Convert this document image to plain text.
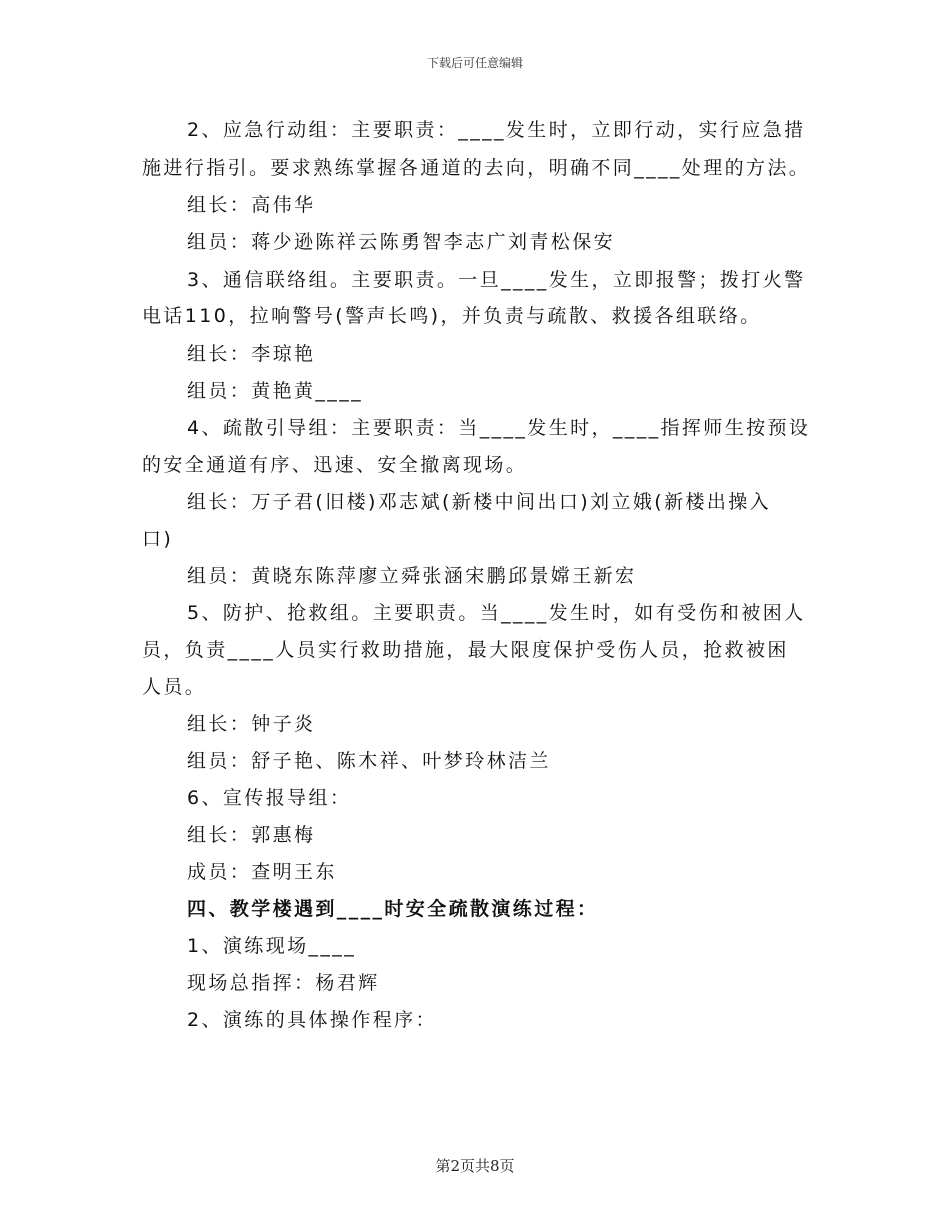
下载后可任意编辑
2、应急行动组：主要职责：____发生时，立即行动，实行应急措
施进行指引。要求熟练掌握各通道的去向，明确不同____处理的方法。
组长：高伟华
组员：蒋少逊陈祥云陈勇智李志广刘青松保安
3、通信联络组。主要职责。一旦____发生，立即报警；拨打火警
电话110，拉响警号(警声长鸣)，并负责与疏散、救援各组联络。
组长：李琼艳
组员：黄艳黄____
4、疏散引导组：主要职责：当____发生时，____指挥师生按预设
的安全通道有序、迅速、安全撤离现场。
组长：万子君(旧楼)邓志斌(新楼中间出口)刘立娥(新楼出操入
口)
组员：黄晓东陈萍廖立舜张涵宋鹏邱景嫦王新宏
5、防护、抢救组。主要职责。当____发生时，如有受伤和被困人
员，负责____人员实行救助措施，最大限度保护受伤人员，抢救被困
人员。
组长：钟子炎
组员：舒子艳、陈木祥、叶梦玲林洁兰
6、宣传报导组：
组长：郭惠梅
成员：查明王东
四、教学楼遇到____时安全疏散演练过程：
1、演练现场____
现场总指挥：杨君辉
2、演练的具体操作程序：
第2页共8页
